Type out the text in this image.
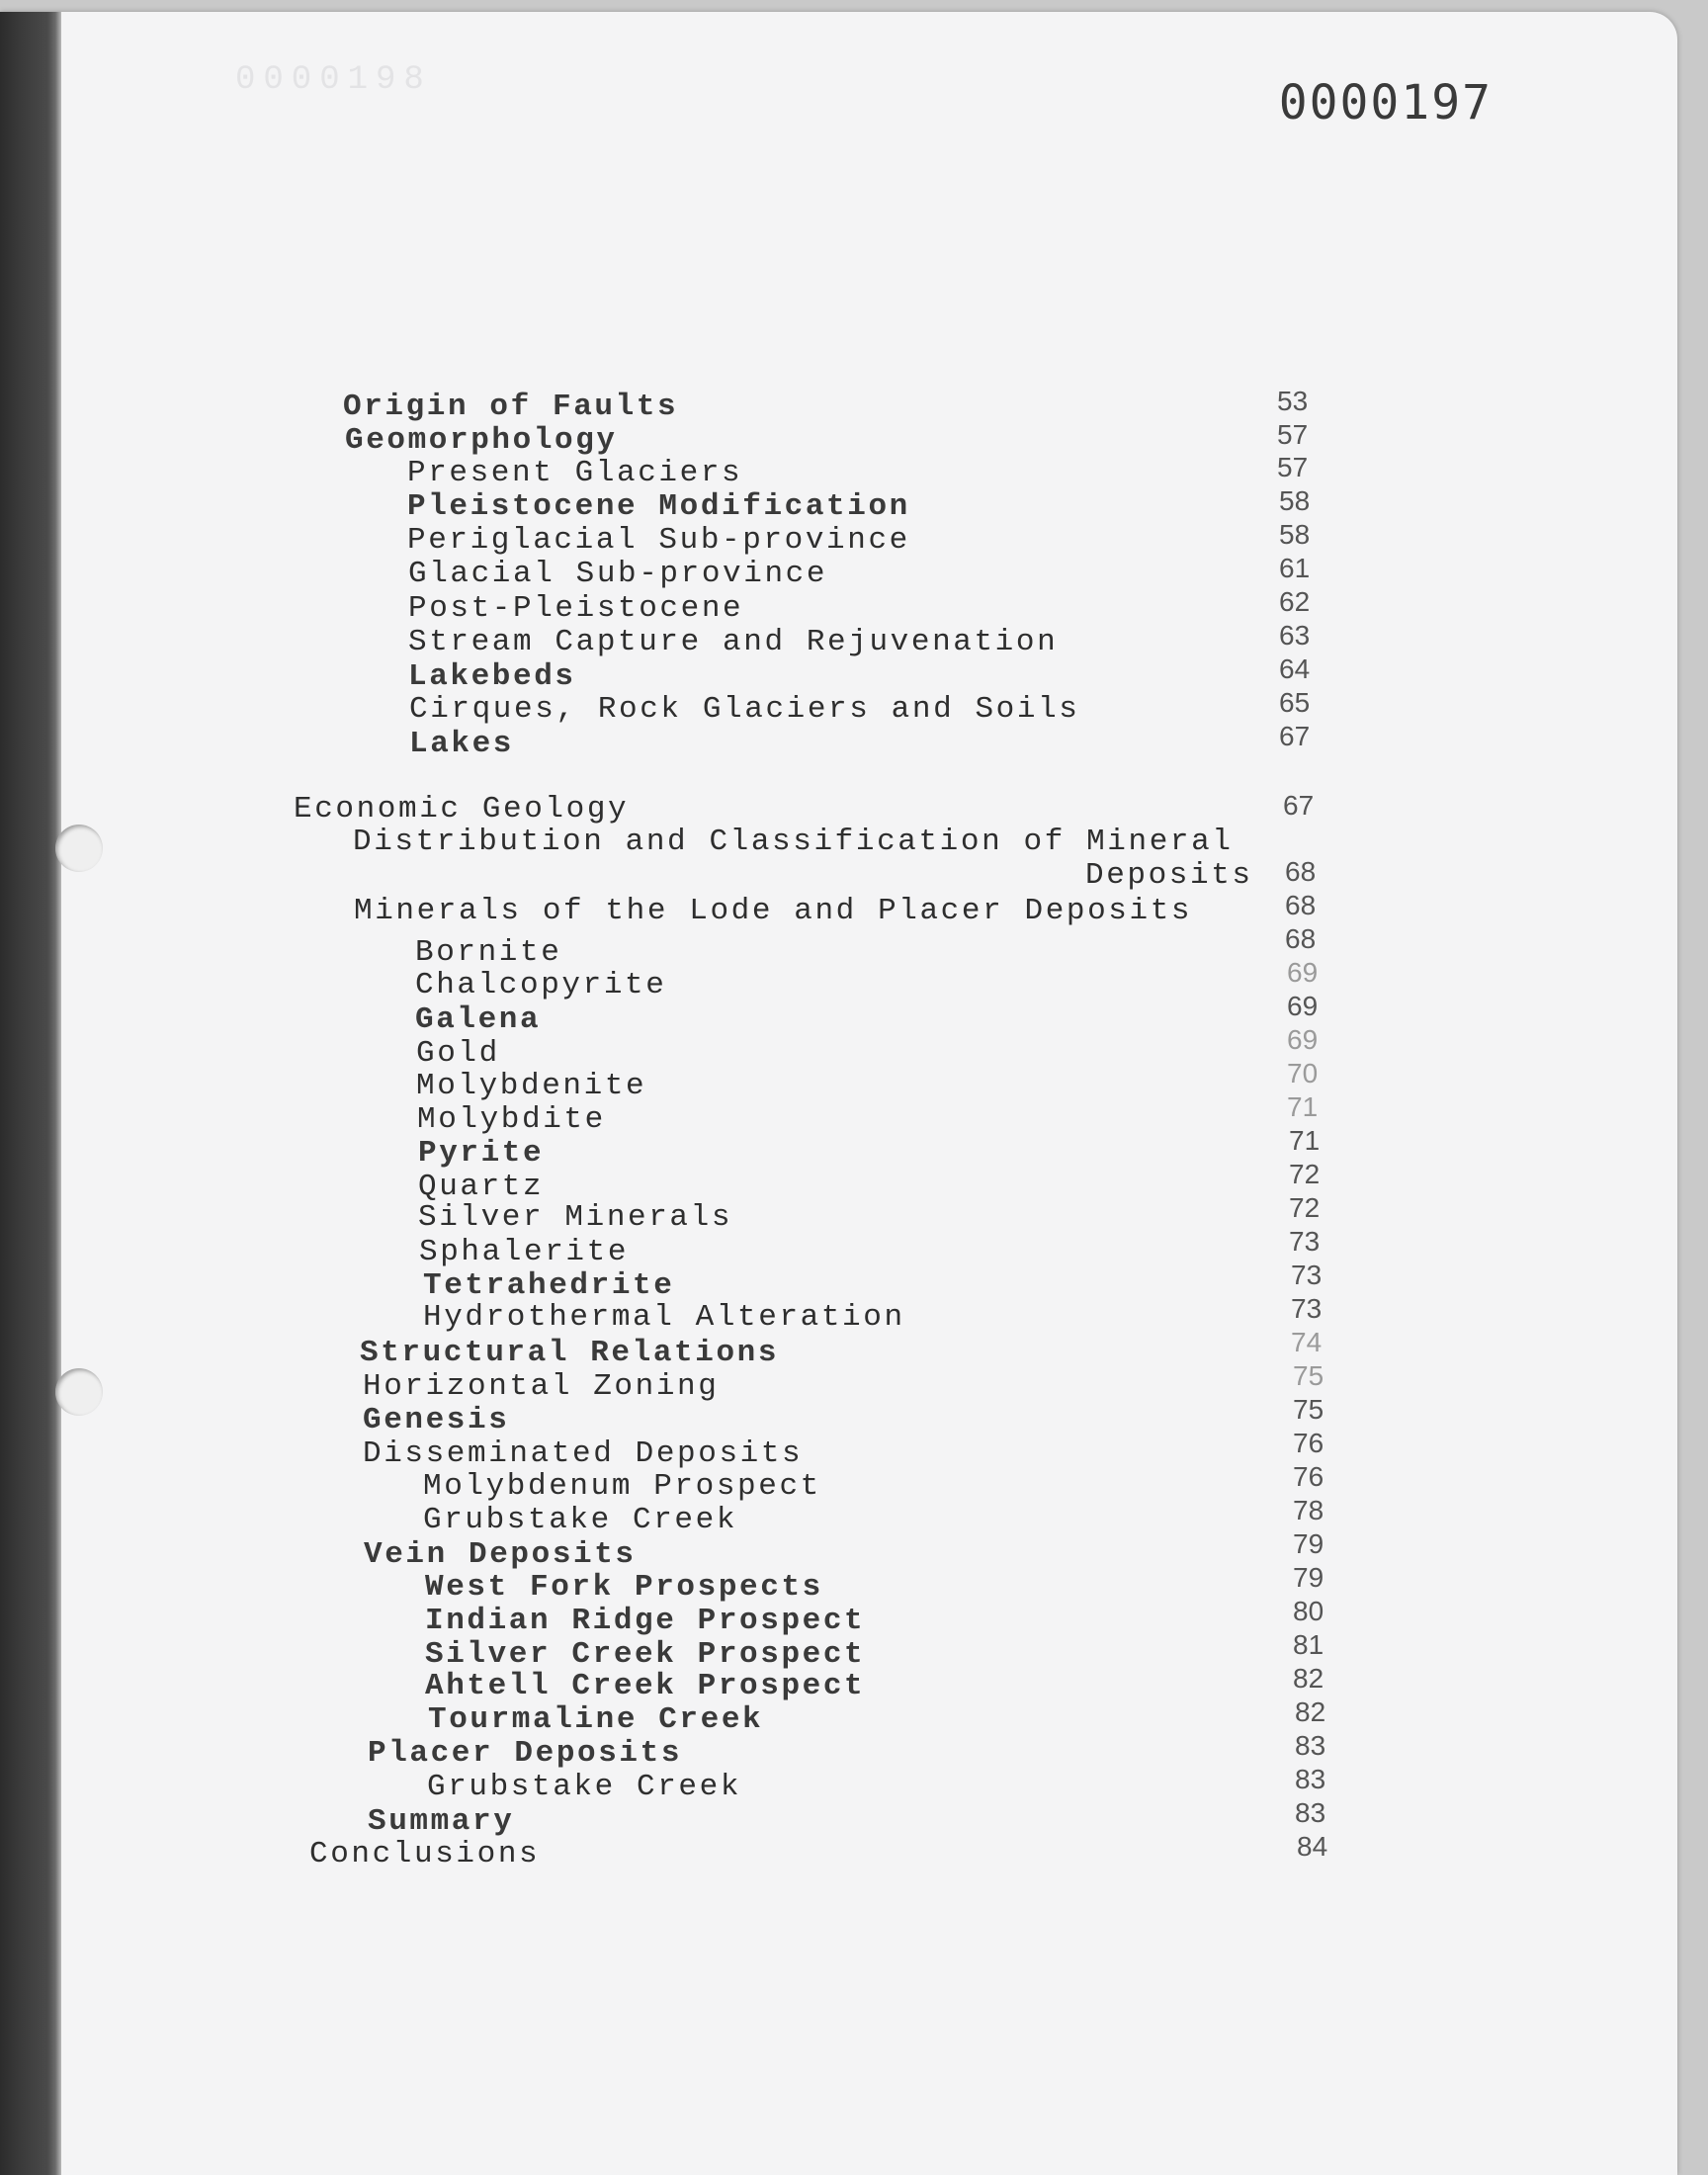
0000198	0000197
Origin of Faults	53
Geomorphology	57
Present Glaciers	57
Pleistocene Modification	58
Periglacial Sub-province	58
Glacial Sub-province	61
Post-Pleistocene	62
Stream Capture and Rejuvenation	63
Lakebeds	64
Cirques, Rock Glaciers and Soils	65
Lakes	67
Economic Geology	67
Distribution and Classification of Mineral
Deposits 68
Minerals of the Lode and Placer Deposits	68
Bornite	68
Chalcopyrite	69
Galena	69
Gold	69
Molybdenite	70
Molybdite	71
Pyrite	71
Quartz	72
Silver Minerals	72
Sphalerite	73
Tetrahedrite	73
Hydrothermal Alteration	73
Structural Relations	74
Horizontal Zoning	75
Genesis	75
Disseminated Deposits	76
Molybdenum Prospect	76
Grubstake Creek	78
Vein Deposits	79
West Fork Prospects	79
Indian Ridge Prospect	80
Silver Creek Prospect	81
Ahtell Creek Prospect	82
Tourmaline Creek	82
Placer Deposits	83
Grubstake Creek	83
Summary	83
Conclusions	84
